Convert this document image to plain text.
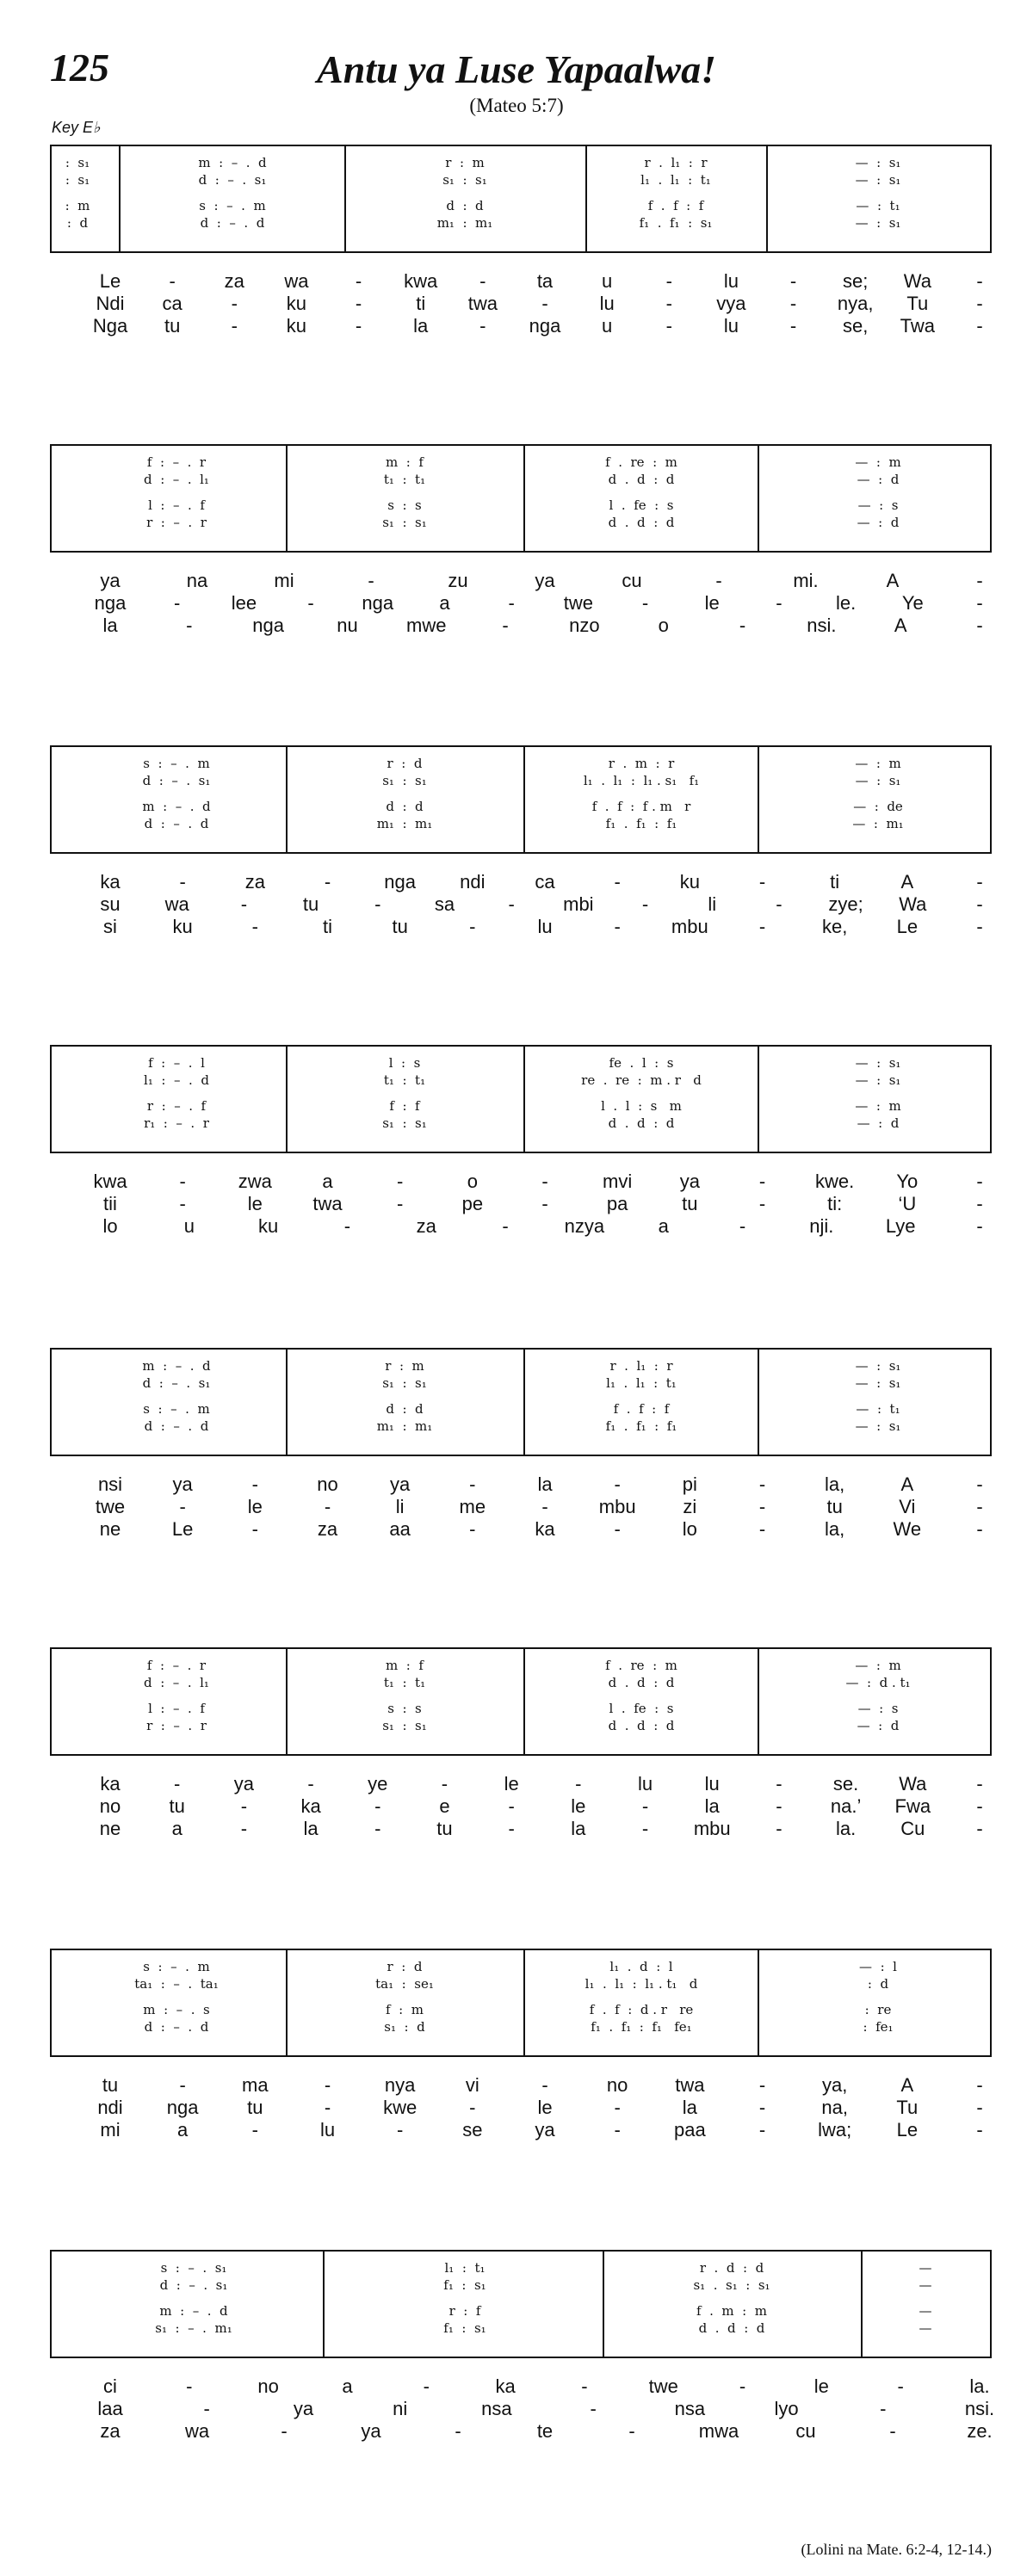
125	Antu ya Luse Yapaalwa!
(Mateo 5:7)
Key E♭
:  s₁	m  :  –  .  d	r  :  m	r  .  l₁  :  r	—  :  s₁
:  s₁	d  :  –  .  s₁	s₁  :  s₁	l₁  .  l₁  :  t₁	—  :  s₁
:  m	s  :  –  .  m	d  :  d	f  .  f  :  f	—  :  t₁
:  d	d  :  –  .  d	m₁  :  m₁	f₁  .  f₁  :  s₁	—  :  s₁
Le	-	za wa - kwa -	ta	u	-	lu	- se; Wa -
Ndi ca	-	ku	-	ti twa -	lu	- vya - nya, Tu	-
Nga tu	-	ku	-	la	- nga u	-	lu	- se, Twa -
f  :  –  .  r	m  :  f	f  .  re  :  m	—  :  m
d  :  –  .  l₁	t₁  :  t₁	d  .  d  :  d	—  :  d
l  :  –  .  f	s  :  s	l  .  fe  :  s	—  :  s
r  :  –  .  r	s₁  :  s₁	d  .  d  :  d	—  :  d
ya	na	mi	-	zu	ya	cu	-	mi.	A	-
nga	-	lee	-	nga a	-	twe	-	le	-	le. Ye	-
la	-	nga	nu	mwe	-	nzo	o	-	nsi.	A	-
s  :  –  .  m	r  :  d	r  .  m  :  r	—  :  m
d  :  –  .  s₁	s₁  :  s₁	l₁  .  l₁  :  l₁ . s₁   f₁	—  :  s₁
m  :  –  .  d	d  :  d	f  .  f  :  f . m   r	—  :  de
d  :  –  .  d	m₁  :  m₁	f₁  .  f₁  :  f₁	—  :  m₁
ka	-	za	-	nga ndi	ca	-	ku	-	ti	A	-
su wa	-	tu	-	sa	-	mbi	-	li	- zye; Wa	-
si	ku	-	ti	tu	-	lu	-	mbu	-	ke,	Le	-
f  :  –  .  l	l  :  s	fe  .  l  :  s	—  :  s₁
l₁  :  –  .  d	t₁  :  t₁	re  .  re  :  m . r   d	—  :  s₁
r  :  –  .  f	f  :  f	l  .  l  :  s   m	—  :  m
r₁  :  –  .  r	s₁  :  s₁	d  .  d  :  d	—  :  d
kwa	-	zwa	a	-	o	-	mvi	ya	-	kwe. Yo	-
tii	-	le	twa	-	pe	-	pa	tu	-	ti:	‘U	-
lo	u	ku	-	za	-	nzya	a	-	nji.	Lye	-
m  :  –  .  d	r  :  m	r  .  l₁  :  r	—  :  s₁
d  :  –  .  s₁	s₁  :  s₁	l₁  .  l₁  :  t₁	—  :  s₁
s  :  –  .  m	d  :  d	f  .  f  :  f	—  :  t₁
d  :  –  .  d	m₁  :  m₁	f₁  .  f₁  :  f₁	—  :  s₁
nsi	ya	-	no	ya	-	la	-	pi	-	la,	A	-
twe	-	le	-	li	me	-	mbu zi	-	tu	Vi	-
ne	Le	-	za	aa	-	ka	-	lo	-	la,	We	-
f  :  –  .  r	m  :  f	f  .  re  :  m	—  :  m
d  :  –  .  l₁	t₁  :  t₁	d  .  d  :  d	—  :  d . t₁
l  :  –  .  f	s  :  s	l  .  fe  :  s	—  :  s
r  :  –  .  r	s₁  :  s₁	d  .  d  :  d	—  :  d
ka	-	ya	-	ye	-	le	-	lu	lu	-	se. Wa	-
no	tu	-	ka	-	e	-	le	-	la	-	na.’ Fwa -
ne	a	-	la	-	tu	-	la	- mbu -	la. Cu	-
s  :  –  .  m	r  :  d	l₁  .  d  :  l	—  :  l
ta₁  :  –  .  ta₁	ta₁  :  se₁	l₁  .  l₁  :  l₁ . t₁   d	:  d
m  :  –  .  s	f  :  m	f  .  f  :  d . r   re	:  re
d  :  –  .  d	s₁  :  d	f₁  .  f₁  :  f₁   fe₁	:  fe₁
tu	-	ma	-	nya	vi	-	no twa	-	ya,	A	-
ndi nga	tu	-	kwe	-	le	-	la	-	na,	Tu	-
mi	a	-	lu	-	se	ya	-	paa	-	lwa; Le	-
s  :  –  .  s₁	l₁  :  t₁	r  .  d  :  d	—
d  :  –  .  s₁	f₁  :  s₁	s₁  .  s₁  :  s₁	—
m  :  –  .  d	r  :  f	f  .  m  :  m	—
s₁  :  –  .  m₁	f₁  :  s₁	d  .  d  :  d	—
ci	-	no	a	-	ka	-	twe	-	le	-	la.
laa	-	ya	ni	nsa	-	nsa	lyo	-	nsi.
za	wa	-	ya	-	te	-	mwa	cu	-	ze.
(Lolini na Mate. 6:2-4, 12-14.)
